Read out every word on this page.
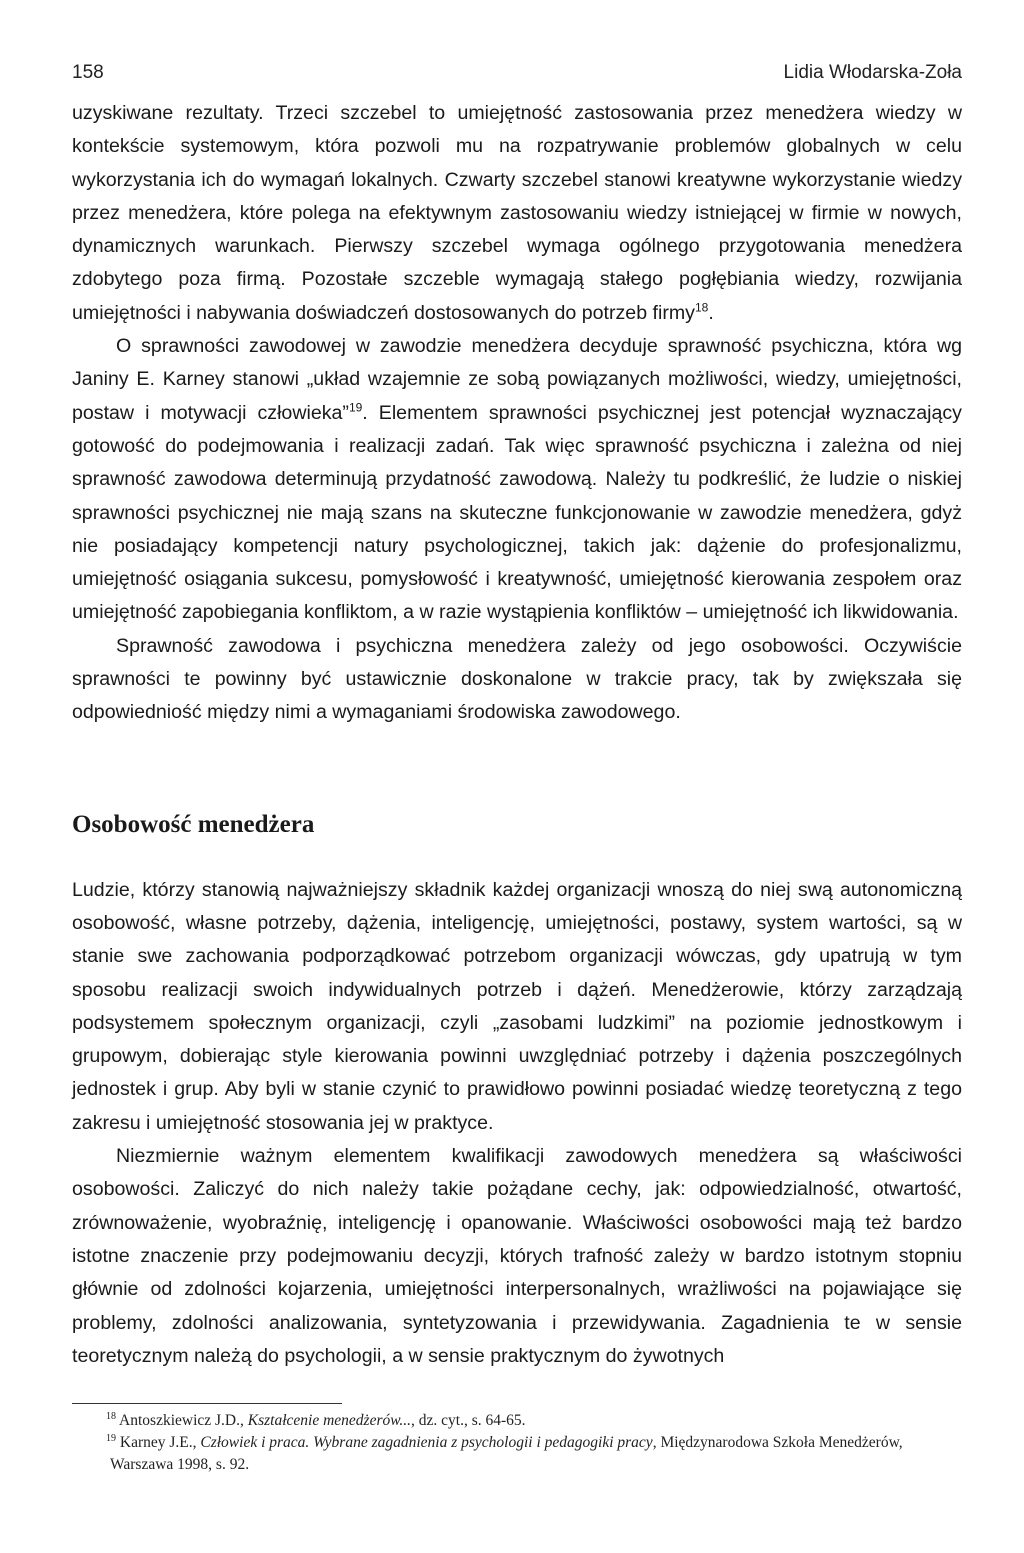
158	Lidia Włodarska-Zoła

uzyskiwane rezultaty. Trzeci szczebel to umiejętność zastosowania przez menedżera wiedzy w kontekście systemowym, która pozwoli mu na rozpatrywanie problemów globalnych w celu wykorzystania ich do wymagań lokalnych. Czwarty szczebel stanowi kreatywne wykorzystanie wiedzy przez menedżera, które polega na efektywnym zastosowaniu wiedzy istniejącej w firmie w nowych, dynamicznych warunkach. Pierwszy szczebel wymaga ogólnego przygotowania menedżera zdobytego poza firmą. Pozostałe szczeble wymagają stałego pogłębiania wiedzy, rozwijania umiejętności i nabywania doświadczeń dostosowanych do potrzeb firmy$^{18}$.

O sprawności zawodowej w zawodzie menedżera decyduje sprawność psychiczna, która wg Janiny E. Karney stanowi „układ wzajemnie ze sobą powiązanych możliwości, wiedzy, umiejętności, postaw i motywacji człowieka”$^{19}$. Elementem sprawności psychicznej jest potencjał wyznaczający gotowość do podejmowania i realizacji zadań. Tak więc sprawność psychiczna i zależna od niej sprawność zawodowa determinują przydatność zawodową. Należy tu podkreślić, że ludzie o niskiej sprawności psychicznej nie mają szans na skuteczne funkcjonowanie w zawodzie menedżera, gdyż nie posiadający kompetencji natury psychologicznej, takich jak: dążenie do profesjonalizmu, umiejętność osiągania sukcesu, pomysłowość i kreatywność, umiejętność kierowania zespołem oraz umiejętność zapobiegania konfliktom, a w razie wystąpienia konfliktów – umiejętność ich likwidowania.

Sprawność zawodowa i psychiczna menedżera zależy od jego osobowości. Oczywiście sprawności te powinny być ustawicznie doskonalone w trakcie pracy, tak by zwiększała się odpowiedniość między nimi a wymaganiami środowiska zawodowego.

Osobowość menedżera

Ludzie, którzy stanowią najważniejszy składnik każdej organizacji wnoszą do niej swą autonomiczną osobowość, własne potrzeby, dążenia, inteligencję, umiejętności, postawy, system wartości, są w stanie swe zachowania podporządkować potrzebom organizacji wówczas, gdy upatrują w tym sposobu realizacji swoich indywidualnych potrzeb i dążeń. Menedżerowie, którzy zarządzają podsystemem społecznym organizacji, czyli „zasobami ludzkimi” na poziomie jednostkowym i grupowym, dobierając style kierowania powinni uwzględniać potrzeby i dążenia poszczególnych jednostek i grup. Aby byli w stanie czynić to prawidłowo powinni posiadać wiedzę teoretyczną z tego zakresu i umiejętność stosowania jej w praktyce.

Niezmiernie ważnym elementem kwalifikacji zawodowych menedżera są właściwości osobowości. Zaliczyć do nich należy takie pożądane cechy, jak: odpowiedzialność, otwartość, zrównoważenie, wyobraźnię, inteligencję i opanowanie. Właściwości osobowości mają też bardzo istotne znaczenie przy podejmowaniu decyzji, których trafność zależy w bardzo istotnym stopniu głównie od zdolności kojarzenia, umiejętności interpersonalnych, wrażliwości na pojawiające się problemy, zdolności analizowania, syntetyzowania i przewidywania. Zagadnienia te w sensie teoretycznym należą do psychologii, a w sensie praktycznym do żywotnych

$^{18}$ Antoszkiewicz J.D., Kształcenie menedżerów..., dz. cyt., s. 64-65.

$^{19}$ Karney J.E., Człowiek i praca. Wybrane zagadnienia z psychologii i pedagogiki pracy, Międzynarodowa Szkoła Menedżerów, Warszawa 1998, s. 92.
